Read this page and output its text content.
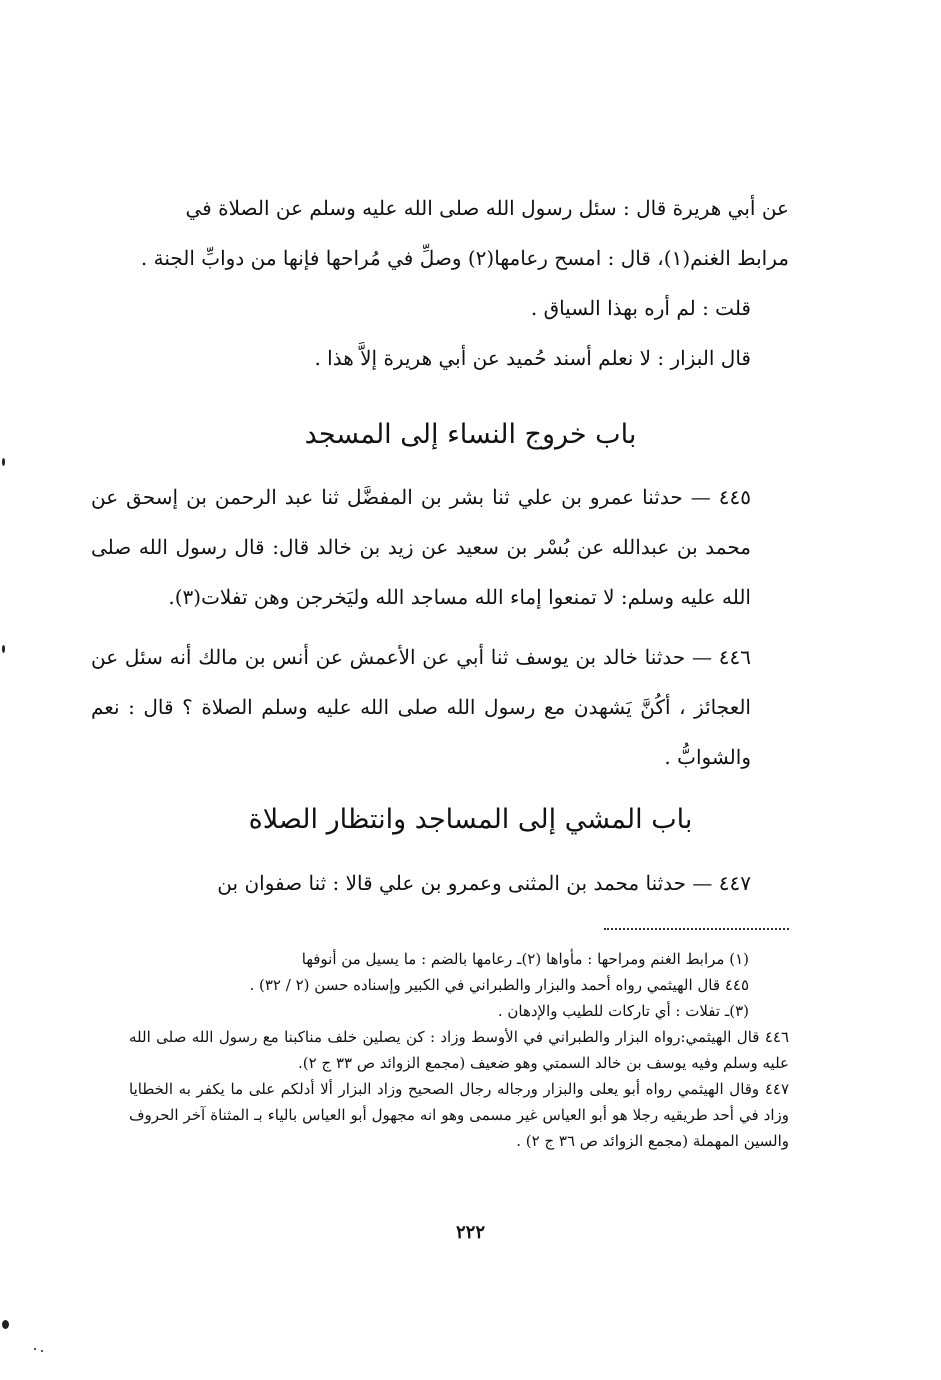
عن أبي هريرة قال : سئل رسول الله صلى الله عليه وسلم عن الصلاة في
مرابط الغنم(١)، قال : امسح رعامها(٢) وصلِّ في مُراحها فإنها من دوابِّ الجنة .
قلت : لم أره بهذا السياق .
قال البزار : لا نعلم أسند حُميد عن أبي هريرة إلاَّ هذا .
باب خروج النساء إلى المسجد
٤٤٥ — حدثنا عمرو بن علي ثنا بشر بن المفضَّل ثنا عبد الرحمن بن إسحق عن محمد بن عبدالله عن بُسْر بن سعيد عن زيد بن خالد قال: قال رسول الله صلى الله عليه وسلم: لا تمنعوا إماء الله مساجد الله وليَخرجن وهن تفلات(٣).
٤٤٦ — حدثنا خالد بن يوسف ثنا أبي عن الأعمش عن أنس بن مالك أنه سئل عن العجائز ، أكُنَّ يَشهدن مع رسول الله صلى الله عليه وسلم الصلاة ؟ قال : نعم والشوابُّ .
باب المشي إلى المساجد وانتظار الصلاة
٤٤٧ — حدثنا محمد بن المثنى وعمرو بن علي قالا : ثنا صفوان بن

(١) مرابط الغنم ومراحها : مأواها (٢)ـ رعامها بالضم : ما يسيل من أنوفها

٤٤٥ قال الهيثمي رواه أحمد والبزار والطبراني في الكبير وإسناده حسن (٢ / ٣٢) .

(٣)ـ تفلات : أي تاركات للطيب والإدهان .

٤٤٦ قال الهيثمي:رواه البزار والطبراني في الأوسط وزاد : كن يصلين خلف مناكبنا مع رسول الله صلى الله عليه وسلم وفيه يوسف بن خالد السمتي وهو ضعيف (مجمع الزوائد ص ٣٣ ج ٢).

٤٤٧ وقال الهيثمي رواه أبو يعلى والبزار ورجاله رجال الصحيح وزاد البزار ألا أدلكم على ما يكفر به الخطايا وزاد في أحد طريقيه رجلا هو أبو العياس غير مسمى وهو انه مجهول أبو العياس بالياء بـ المثناة آخر الحروف والسين المهملة (مجمع الزوائد ص ٣٦ ج ٢) .

٢٢٢
